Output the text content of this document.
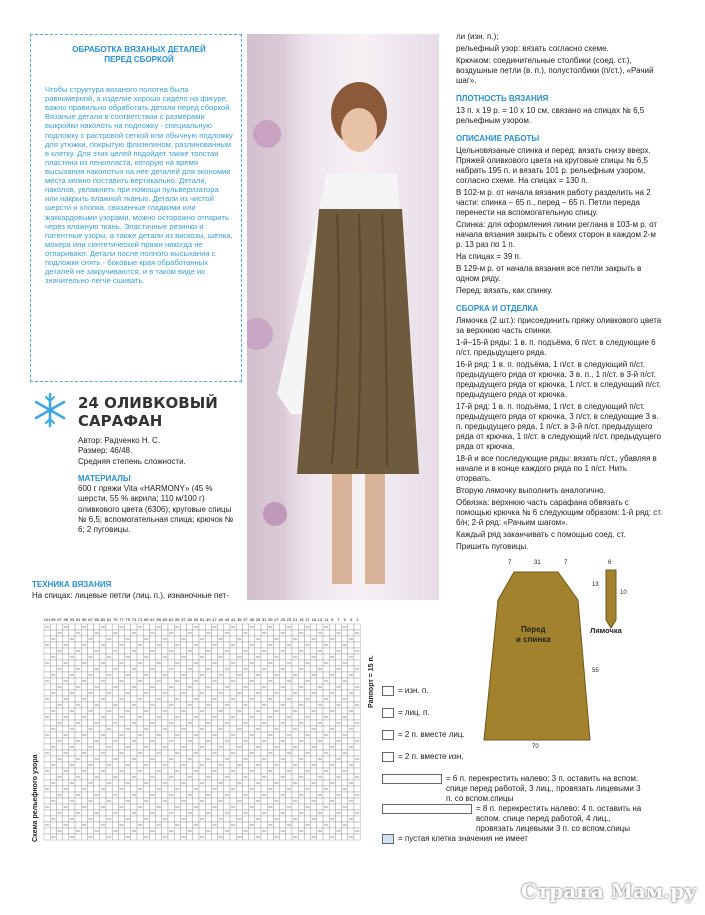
ОБРАБОТКА ВЯЗАНЫХ ДЕТАЛЕЙ
ПЕРЕД СБОРКОЙ

Чтобы структура вязаного полотна была равномерной, а изделие хорошо сидело на фигуре, важно правильно обработать детали перед сборкой. Вязаные детали в соответствии с размерами выкройки наколоть на подложку - специальную подложку с растровой сеткой или обычную подложку для утюжки, покрытую флизелином, разлинованным в клетку. Для этих целей подойдет также толстая пластина из пенопласта, которую на время высыхания наколотых на нее деталей для экономии места можно поставить вертикально. Детали, наколов, увлажнить при помощи пульверизатора или накрыть влажной тканью. Детали из чистой шерсти и хлопка, связанные гладкими или жаккардовыми узорами, можно осторожно отпарить через влажную ткань. Эластичные резинки и патентные узоры, а также детали из вискозы, шёлка, мохера или синтетической пряжи никогда не отпаривают. Детали после полного высыхания с подложки снять - боковые края обработанных деталей не закручиваются, и в таком виде их значительно легче сшивать.

24 ОЛИВКОВЫЙ САРАФАН
Автор: Радченко Н. С.
Размер: 46/48.
Средняя степень сложности.
МАТЕРИАЛЫ

600 г пряжи Vita «HARMONY» (45 % шерсти, 55 % акрила; 110 м/100 г) оливкового цвета (6306); круговые спицы № 6,5; вспомогательная спица; крючок № 6; 2 пуговицы.

ТЕХНИКА ВЯЗАНИЯ
На спицах: лицевые петли (лиц. п.), изнаночные пет-

ли (изн. п.);

рельефный узор: вязать согласно схеме.

Крючком: соединительные столбики (соед. ст.), воздушные петли (в. п.), полустолбики (п/ст.), «Рачий шаг».

ПЛОТНОСТЬ ВЯЗАНИЯ

13 п. х 19 р. = 10 х 10 см, связано на спицах № 6,5 рельефным узором.

ОПИСАНИЕ РАБОТЫ

Цельновязаные спинка и перед: вязать снизу вверх. Пряжей оливкового цвета на круговые спицы № 6,5 набрать 195 п. и вязать 101 р. рельефным узором, согласно схеме. На спицах = 130 п.

В 102-м р. от начала вязания работу разделить на 2 части: спинка – 65 п., перед – 65 п. Петли переда перенести на вспомогательную спицу.

Спинка: для оформления линии реглана в 103-м р. от начала вязания закрыть с обеих сторон в каждом 2-м р. 13 раз по 1 п.

На спицах = 39 п.

В 129-м р. от начала вязания все петли закрыть в одном ряду.

Перед: вязать, как спинку.

СБОРКА И ОТДЕЛКА

Лямочка (2 шт.): присоединить пряжу оливкового цвета за верхнюю часть спинки.

1-й–15-й ряды: 1 в. п. подъёма, 6 п/ст. в следующие 6 п/ст. предыдущего ряда.

16-й ряд: 1 в. п. подъёма, 1 п/ст. в следующий п/ст. предыдущего ряда от крючка, 3 в. п., 1 п/ст. в 3-й п/ст. предыдущего ряда от крючка, 1 п/ст. в следующий п/ст. предыдущего ряда от крючка.

17-й ряд: 1 в. п. подъёма, 1 п/ст. в следующий п/ст. предыдущего ряда от крючка, 3 п/ст. в следующие 3 в. п. предыдущего ряда, 1 п/ст. в 3-й п/ст. предыдущего ряда от крючка, 1 п/ст. в следующий п/ст. предыдущего ряда от крючка.

18-й и все последующие ряды: вязать п/ст., убавляя в начале и в конце каждого ряда по 1 п/ст. Нить оторвать.

Вторую лямочку выполнить аналогично.

Обвязка: верхнюю часть сарафана обвязать с помощью крючка № 6 следующим образом: 1-й ряд: ст. б/н; 2-й ряд: «Рачьим шагом».

Каждый ряд заканчивать с помощью соед. ст.

Пришить пуговицы.

101 99 97 95 93 91 89 87 85 83 81 79 77 75 73 71 69 67 65 63 61 59 57 55 53 51 49 47 45 43 41 39 37 35 33 31 29 27 25 23 21 19 17 15 13 11 9 7 5 3 1
Схема рельефного узора
Раппорт = 15 п.	= изн. п.
= лиц. п.
= 2 п. вместе лиц.
= 2 п. вместе изн.
= 6 п. перекрестить налево: 3 п. оставить на вспом. спице перед работой, 3 лиц., провязать лицевыми 3 п. со вспом.спицы
= 8 п. перекрестить налево: 4 п. оставить на вспом. спице перед работой, 4 лиц., провязать лицевыми 3 п. со вспом.спицы
= пустая клетка значения не имеет
Перед
и спинка
Лямочка
7	31	7
13
55
70
6
10
Страна Мам.ру
